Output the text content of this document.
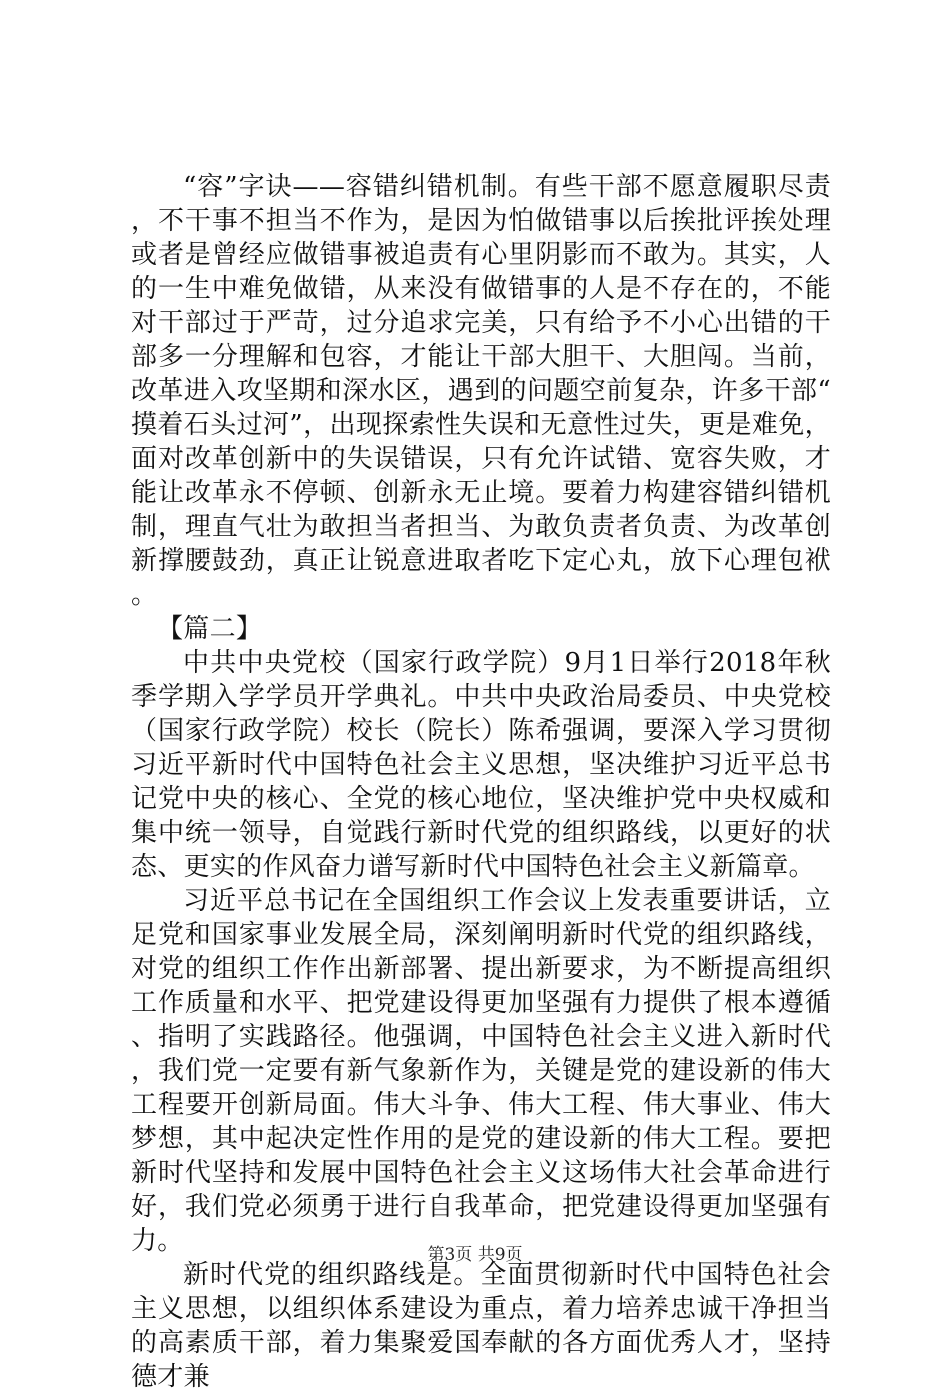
“容”字诀——容错纠错机制。有些干部不愿意履职尽责，不干事不担当不作为，是因为怕做错事以后挨批评挨处理或者是曾经应做错事被追责有心里阴影而不敢为。其实，人的一生中难免做错，从来没有做错事的人是不存在的，不能对干部过于严苛，过分追求完美，只有给予不小心出错的干部多一分理解和包容，才能让干部大胆干、大胆闯。当前，改革进入攻坚期和深水区，遇到的问题空前复杂，许多干部“摸着石头过河”，出现探索性失误和无意性过失，更是难免，面对改革创新中的失误错误，只有允许试错、宽容失败，才能让改革永不停顿、创新永无止境。要着力构建容错纠错机制，理直气壮为敢担当者担当、为敢负责者负责、为改革创新撑腰鼓劲，真正让锐意进取者吃下定心丸，放下心理包袱。

【篇二】

中共中央党校（国家行政学院）9月1日举行2018年秋季学期入学学员开学典礼。中共中央政治局委员、中央党校（国家行政学院）校长（院长）陈希强调，要深入学习贯彻习近平新时代中国特色社会主义思想，坚决维护习近平总书记党中央的核心、全党的核心地位，坚决维护党中央权威和集中统一领导，自觉践行新时代党的组织路线，以更好的状态、更实的作风奋力谱写新时代中国特色社会主义新篇章。

习近平总书记在全国组织工作会议上发表重要讲话，立足党和国家事业发展全局，深刻阐明新时代党的组织路线，对党的组织工作作出新部署、提出新要求，为不断提高组织工作质量和水平、把党建设得更加坚强有力提供了根本遵循、指明了实践路径。他强调，中国特色社会主义进入新时代，我们党一定要有新气象新作为，关键是党的建设新的伟大工程要开创新局面。伟大斗争、伟大工程、伟大事业、伟大梦想，其中起决定性作用的是党的建设新的伟大工程。要把新时代坚持和发展中国特色社会主义这场伟大社会革命进行好，我们党必须勇于进行自我革命，把党建设得更加坚强有力。

新时代党的组织路线是。全面贯彻新时代中国特色社会主义思想，以组织体系建设为重点，着力培养忠诚干净担当的高素质干部，着力集聚爱国奉献的各方面优秀人才，坚持德才兼

第3页 共9页
